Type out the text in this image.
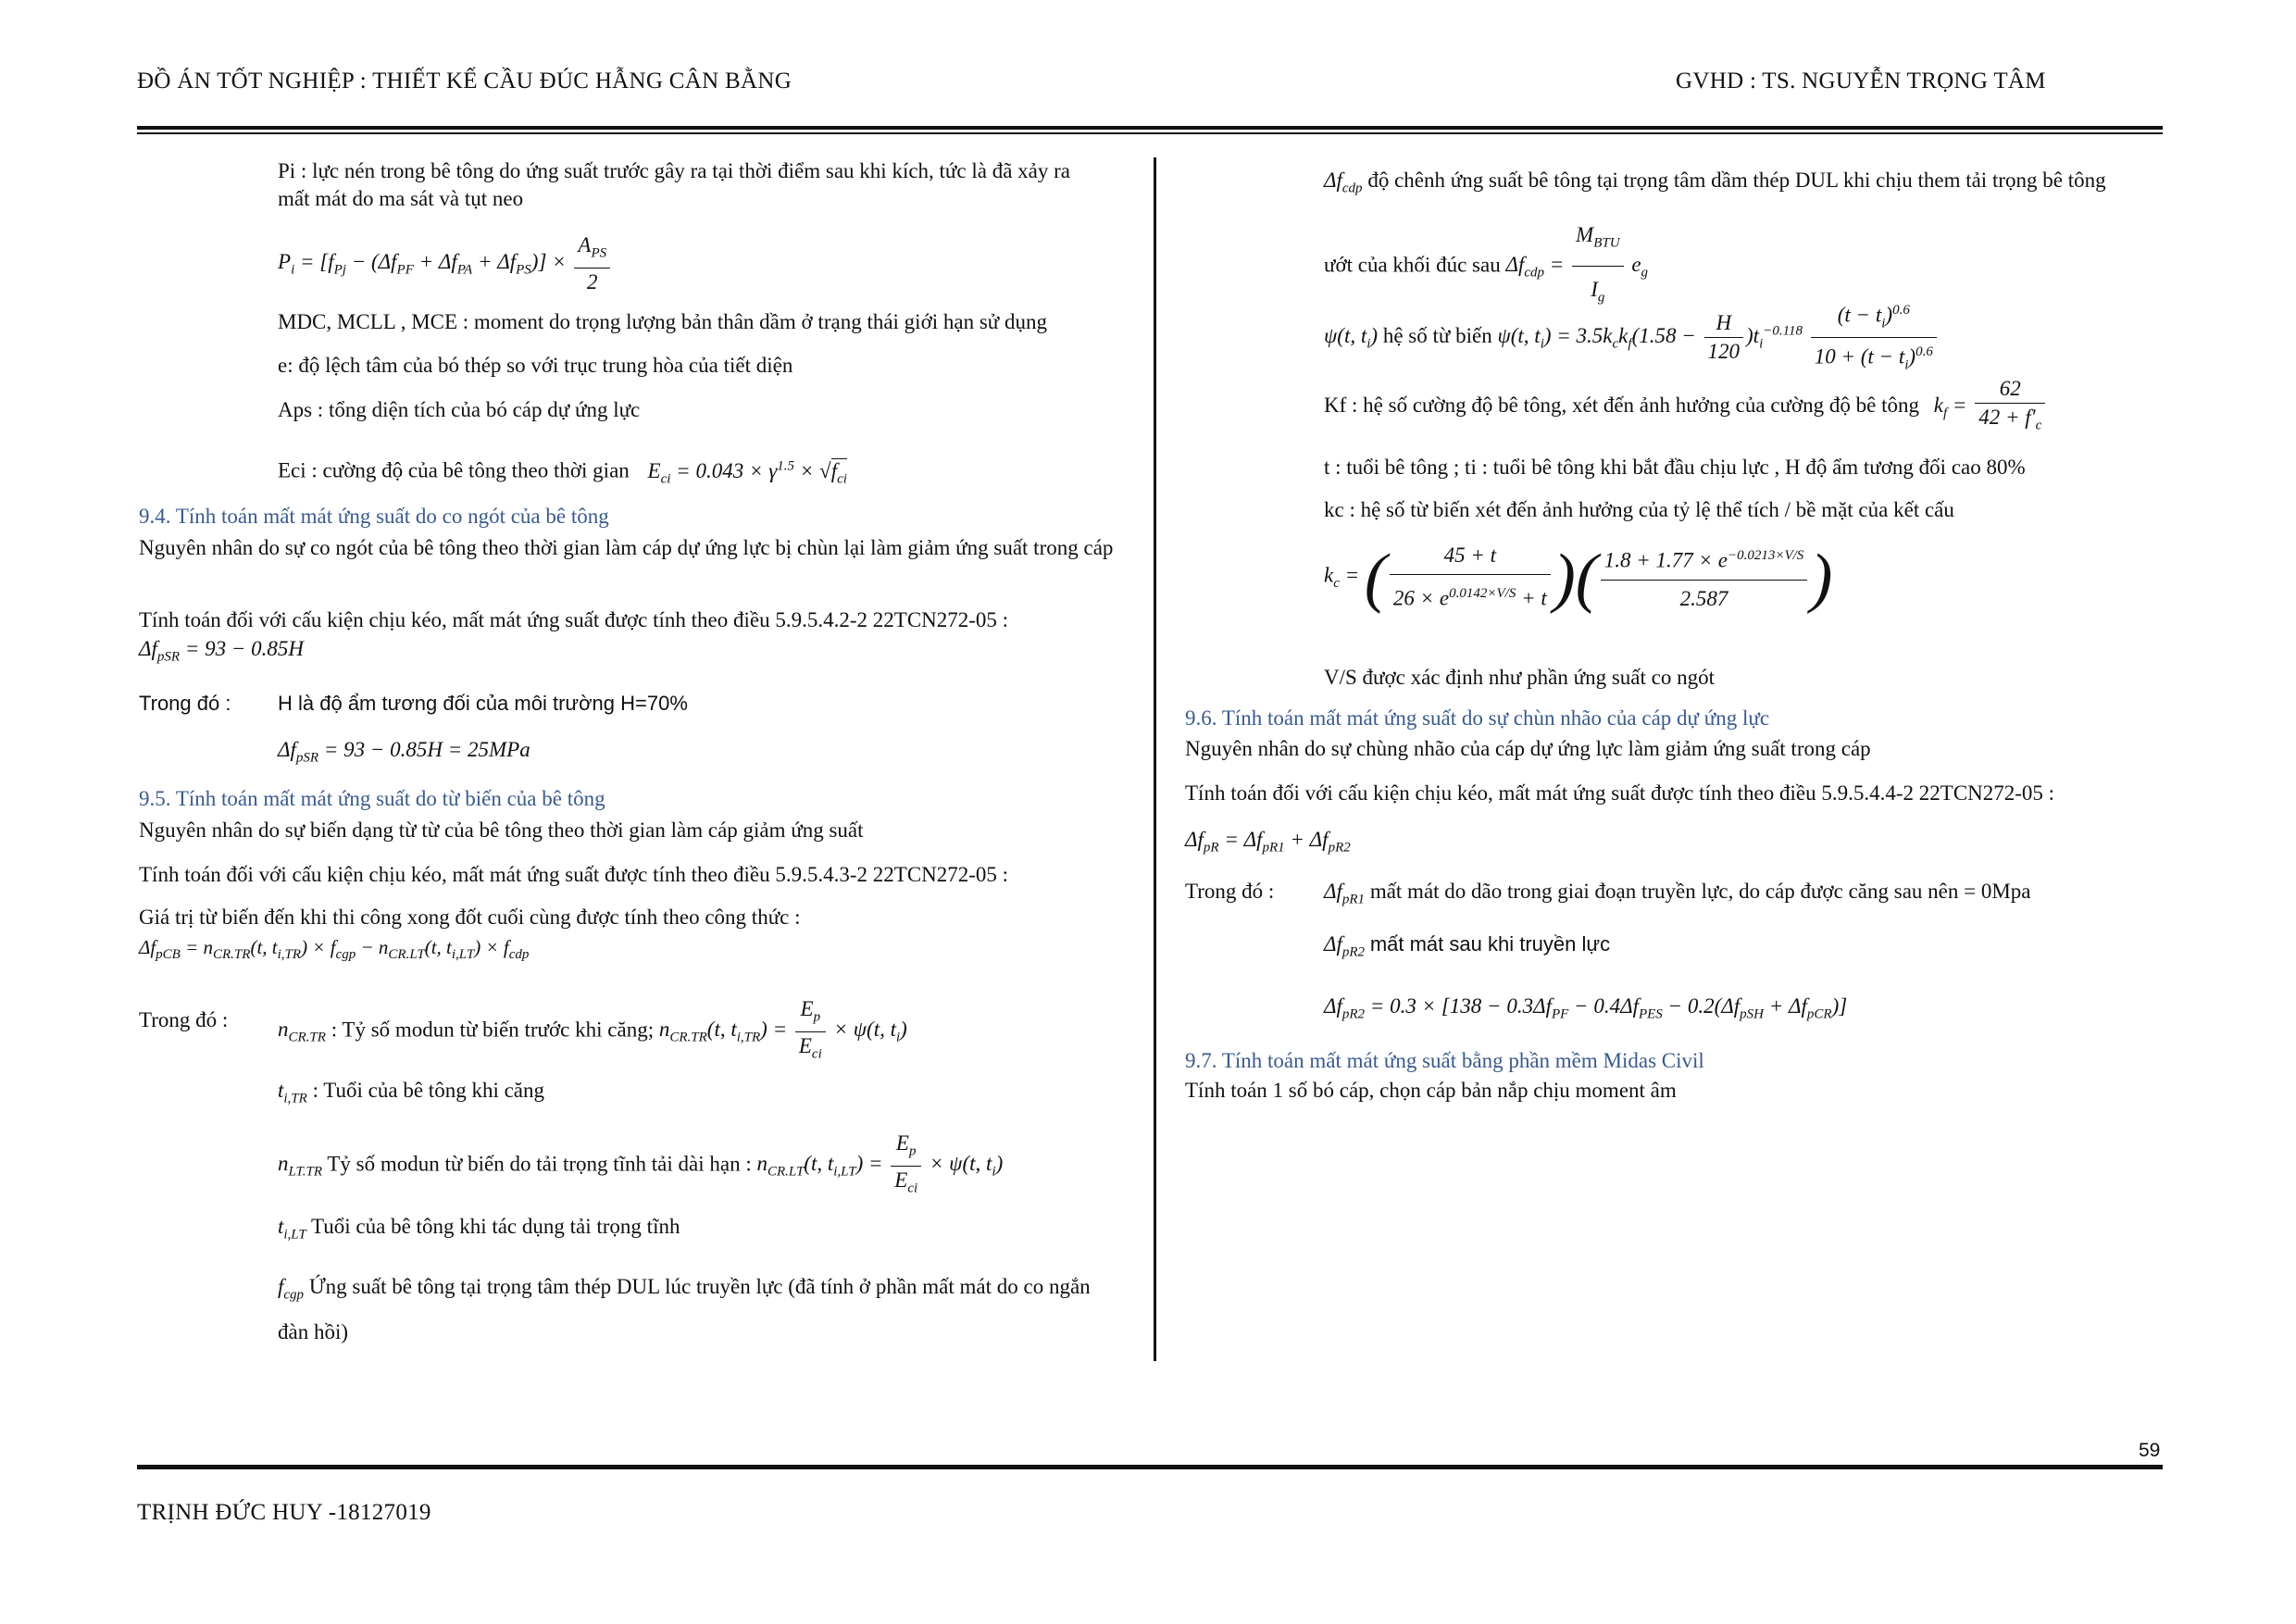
ĐỒ ÁN TỐT NGHIỆP : THIẾT KẾ CẦU ĐÚC HẪNG CÂN BẰNG	GVHD : TS. NGUYỄN TRỌNG TÂM
Pi : lực nén trong bê tông do ứng suất trước gây ra tại thời điểm sau khi kích, tức là đã xảy ra mất mát do ma sát và tụt neo
$P_i = [f_{Pj} - (\Delta f_{PF} + \Delta f_{PA} + \Delta f_{PS})] \times \frac{A_{PS}}{2}$
MDC, MCLL , MCE : moment do trọng lượng bản thân dầm ở trạng thái giới hạn sử dụng
e: độ lệch tâm của bó thép so với trục trung hòa của tiết diện
Aps : tổng diện tích của bó cáp dự ứng lực
Eci : cường độ của bê tông theo thời gian $E_{ci} = 0.043 \times \gamma^{1.5} \times √f_{ci}$
9.4. Tính toán mất mát ứng suất do co ngót của bê tông
Nguyên nhân do sự co ngót của bê tông theo thời gian làm cáp dự ứng lực bị chùn lại làm giảm ứng suất trong cáp
Tính toán đối với cấu kiện chịu kéo, mất mát ứng suất được tính theo điều 5.9.5.4.2-2 22TCN272-05 :
$\Delta f_{pSR} = 93 - 0.85H$
Trong đó : H là độ ẩm tương đối của môi trường H=70%
$\Delta f_{pSR} = 93 - 0.85H = 25MPa$
9.5. Tính toán mất mát ứng suất do từ biến của bê tông
Nguyên nhân do sự biến dạng từ từ của bê tông theo thời gian làm cáp giảm ứng suất
Tính toán đối với cấu kiện chịu kéo, mất mát ứng suất được tính theo điều 5.9.5.4.3-2 22TCN272-05 :
Giá trị từ biến đến khi thi công xong đốt cuối cùng được tính theo công thức :
$\Delta f_{pCB} = n_{CR.TR}(t$, $t_{i,TR}) \times f_{cgp} - n_{CR.LT}(t$, $t_{i,LT}) \times f_{cdp}$
Trong đó : $n_{CR.TR}$ : Tỷ số modun từ biến trước khi căng; $n_{CR.TR}(t$, $t_{i,TR}) = \frac{E_p}{E_{ci}} \times \psi(t$, $t_i$)
$t_{i,TR}$ : Tuổi của bê tông khi căng
$n_{LT.TR}$ Tỷ số modun từ biến do tải trọng tĩnh tải dài hạn : $n_{CR.LT}(t$, $t_{i,LT}) = \frac{E_p}{E_{ci}} \times \psi(t$, $t_i$)
$t_{i,LT}$ Tuổi của bê tông khi tác dụng tải trọng tĩnh
$f_{cgp}$ Ứng suất bê tông tại trọng tâm thép DUL lúc truyền lực (đã tính ở phần mất mát do co ngắn đàn hồi)
$\Delta f_{cdp}$ độ chênh ứng suất bê tông tại trọng tâm dầm thép DUL khi chịu them tải trọng bê tông ướt của khối đúc sau $\Delta f_{cdp} = \frac{M_{BTU}}{I_g} e_g$
ψ(t, $t_i$) hệ số từ biến ψ(t, $t_i) = 3.5k_ck_f(1.58 - \frac{H}{120} )t_i^{-0.118} \frac{(t - t_i)^{0.6}}{10 + (t - t_i)^{0.6}}$
Kf : hệ số cường độ bê tông, xét đến ảnh hưởng của cường độ bê tông $k_f = \frac{62}{42 + f'_c}$
t : tuổi bê tông ; ti : tuổi bê tông khi bắt đầu chịu lực , H độ ẩm tương đối cao 80%
kc : hệ số từ biến xét đến ảnh hưởng của tỷ lệ thể tích / bề mặt của kết cấu
$k_c$ = ( $\frac{45 + t}{26 \times e^{0.0142\times V/S} + t}$ )( $\frac{1.8 + 1.77 \times e^{-0.0213\times V/S}}{2.587}$ )
V/S được xác định như phần ứng suất co ngót
9.6. Tính toán mất mát ứng suất do sự chùn nhão của cáp dự ứng lực
Nguyên nhân do sự chùng nhão của cáp dự ứng lực làm giảm ứng suất trong cáp
Tính toán đối với cấu kiện chịu kéo, mất mát ứng suất được tính theo điều 5.9.5.4.4-2 22TCN272-05 :
$\Delta f_{pR} = \Delta f_{pR1} + \Delta f_{pR2}$
Trong đó : $\Delta f_{pR1}$ mất mát do dão trong giai đoạn truyền lực, do cáp được căng sau nên = 0Mpa
$\Delta f_{pR2}$ mất mát sau khi truyền lực
$\Delta f_{pR2} = 0.3 \times [138 - 0.3\Delta f_{PF} - 0.4\Delta f_{PES} - 0.2(\Delta f_{pSH} + \Delta f_{pCR})]$
9.7. Tính toán mất mát ứng suất bằng phần mềm Midas Civil
Tính toán 1 số bó cáp, chọn cáp bản nắp chịu moment âm
59
TRỊNH ĐỨC HUY -18127019
